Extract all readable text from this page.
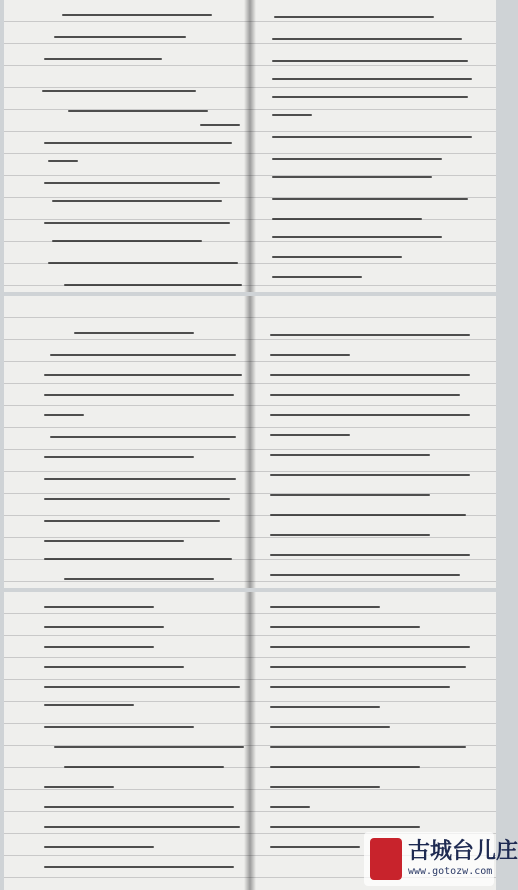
古城台儿庄
www.gotozw.com
